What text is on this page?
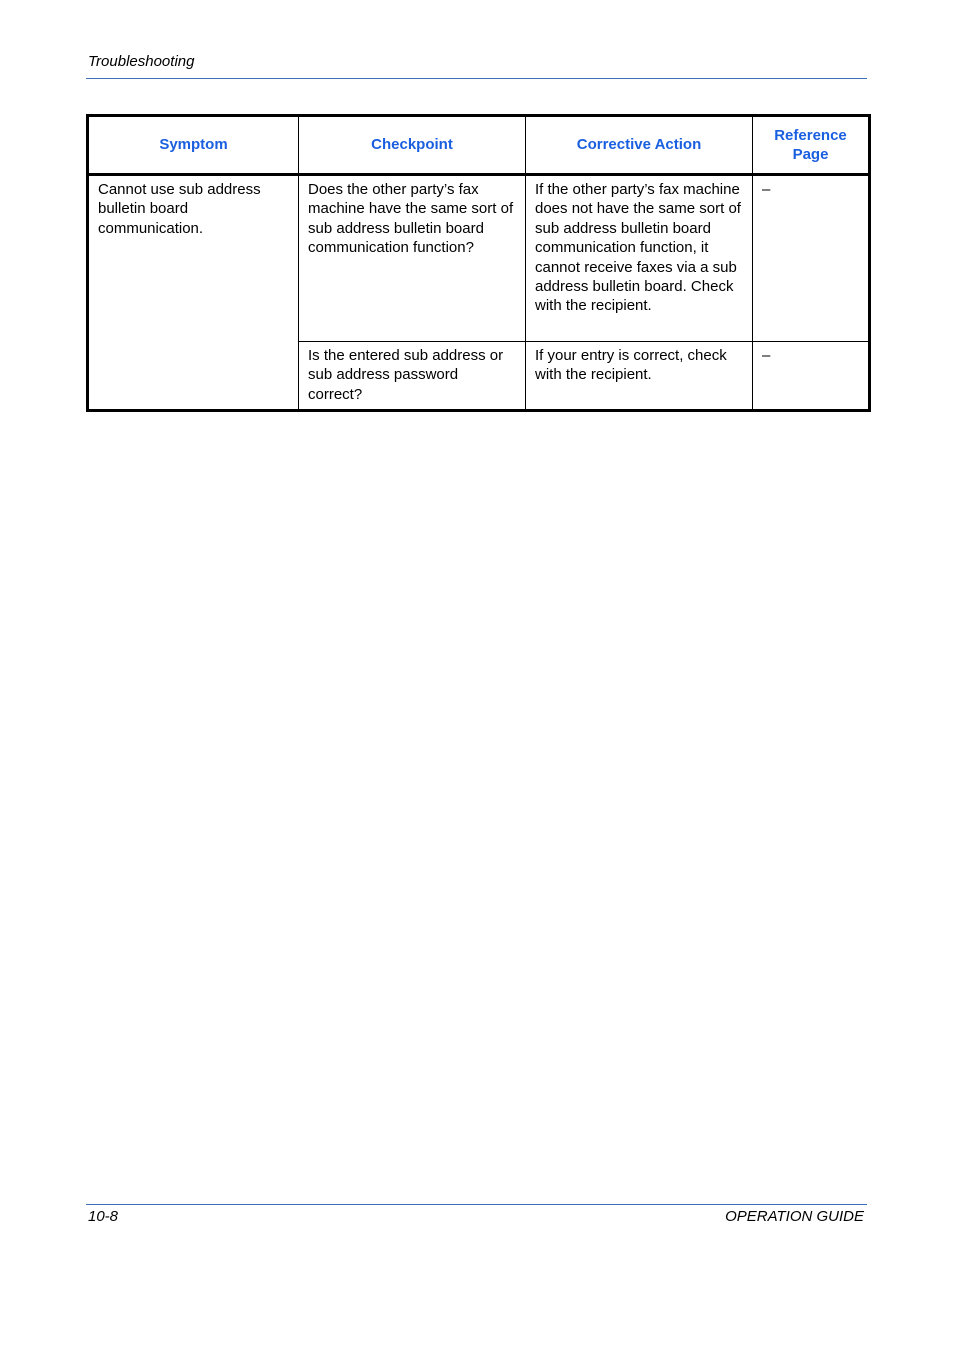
Troubleshooting
Symptom	Checkpoint	Corrective Action	Reference Page
Cannot use sub address bulletin board communication.	Does the other party’s fax machine have the same sort of sub address bulletin board communication function?	If the other party’s fax machine does not have the same sort of sub address bulletin board communication function, it cannot receive faxes via a sub address bulletin board. Check with the recipient.	–
	Is the entered sub address or sub address password correct?	If your entry is correct, check with the recipient.	–
10-8	OPERATION GUIDE
